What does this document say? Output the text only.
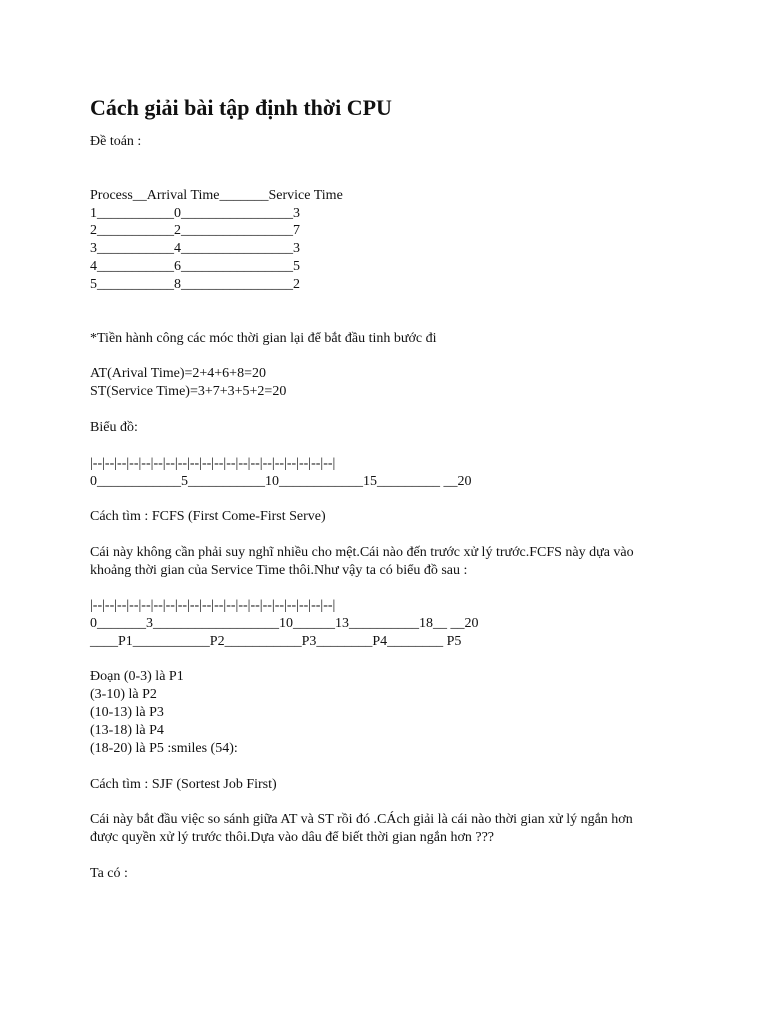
Cách giải bài tập định thời CPU
Đề toán :
Process__Arrival Time_______Service Time
1___________0________________3
2___________2________________7
3___________4________________3
4___________6________________5
5___________8________________2
*Tiền hành công các móc thời gian lại để bắt đầu tinh bước đi
AT(Arival Time)=2+4+6+8=20
ST(Service Time)=3+7+3+5+2=20
Biểu đồ:
|--|--|--|--|--|--|--|--|--|--|--|--|--|--|--|--|--|--|--|--|
0____________5___________10____________15_________ __20
Cách tìm : FCFS (First Come-First Serve)
Cái này không cần phải suy nghĩ nhiều cho mệt.Cái nào đến trước xử lý trước.FCFS này dựa vào
khoảng thời gian của Service Time thôi.Như vậy ta có biểu đồ sau :
|--|--|--|--|--|--|--|--|--|--|--|--|--|--|--|--|--|--|--|--|
0_______3__________________10______13__________18__ __20
____P1___________P2___________P3________P4________ P5
Đoạn (0-3) là P1
(3-10) là P2
(10-13) là P3
(13-18) là P4
(18-20) là P5 :smiles (54):
Cách tìm : SJF (Sortest Job First)
Cái này bắt đầu việc so sánh giữa AT và ST rồi đó .CÁch giải là cái nào thời gian xử lý ngắn hơn
được quyền xử lý trước thôi.Dựa vào dâu để biết thời gian ngắn hơn ???
Ta có :
